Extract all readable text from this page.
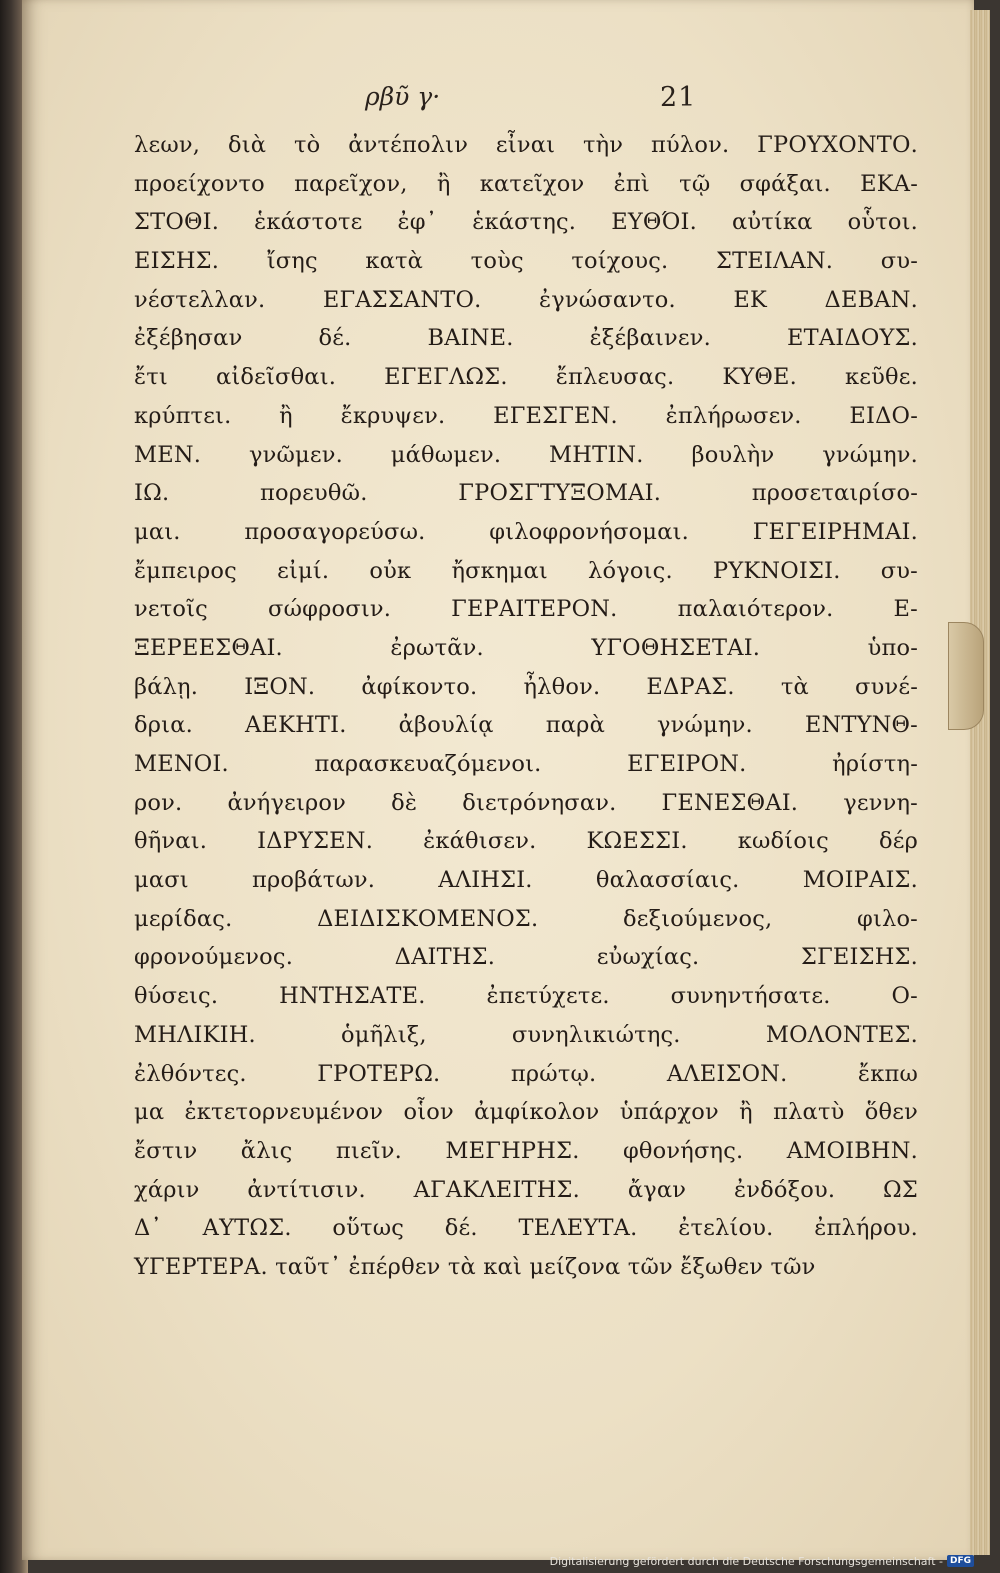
ρβῦ γ·	21
λεων, διὰ τὸ ἀντέπολιν εἶναι τὴν πύλον. ΓΡΟΥΧΟΝΤΟ.
προείχοντο παρεῖχον, ἢ κατεῖχον ἐπὶ τῷ σφάξαι. ΕΚΑ-
ΣΤΟΘΙ. ἑκάστοτε ἐφ᾿ ἑκάστης. ΕΥΘΌΙ. αὐτίκα οὗτοι.
ΕΙΣΗΣ. ἴσης κατὰ τοὺς τοίχους. ΣΤΕΙΛΑΝ. συ-
νέστελλαν. ΕΓΑΣΣΑΝΤΟ. ἐγνώσαντο. ΕΚ ΔΕΒΑΝ.
ἐξέβησαν δέ. ΒΑΙΝΕ. ἐξέβαινεν. ΕΤΑΙΔΟΥΣ.
ἔτι αἰδεῖσθαι. ΕΓΕΓΛΩΣ. ἔπλευσας. ΚΥΘΕ. κεῦθε.
κρύπτει. ἢ ἔκρυψεν. ΕΓΕΣΓΕΝ. ἐπλήρωσεν. ΕΙΔΟ-
ΜΕΝ. γνῶμεν. μάθωμεν. ΜΗΤΙΝ. βουλὴν γνώμην.
ΙΩ. πορευθῶ. ΓΡΟΣΓΤΥΞΟΜΑΙ. προσεταιρίσο-
μαι. προσαγορεύσω. φιλοφρονήσομαι. ΓΕΓΕΙΡΗΜΑΙ.
ἔμπειρος εἰμί. οὐκ ἤσκημαι λόγοις. ΡΥΚΝΟΙΣΙ. συ-
νετοῖς σώφροσιν. ΓΕΡΑΙΤΕΡΟΝ. παλαιότερον. Ε-
ΞΕΡΕΕΣΘΑΙ. ἐρωτᾶν. ΥΓΟΘΗΣΕΤΑΙ. ὑπο-
βάλῃ. ΙΞΟΝ. ἀφίκοντο. ἦλθον. ΕΔΡΑΣ. τὰ συνέ-
δρια. ΑΕΚΗΤΙ. ἀβουλίᾳ παρὰ γνώμην. ΕΝΤΥΝΘ-
ΜΕΝΟΙ. παρασκευαζόμενοι. ΕΓΕΙΡΟΝ. ἠρίστη-
ρον. ἀνήγειρον δὲ διετρόνησαν. ΓΕΝΕΣΘΑΙ. γεννη-
θῆναι. ΙΔΡΥΣΕΝ. ἐκάθισεν. ΚΩΕΣΣΙ. κωδίοις δέρ
μασι προβάτων. ΑΛΙΗΣΙ. θαλασσίαις. ΜΟΙΡΑΙΣ.
μερίδας. ΔΕΙΔΙΣΚΟΜΕΝΟΣ. δεξιούμενος, φιλο-
φρονούμενος. ΔΑΙΤΗΣ. εὐωχίας. ΣΓΕΙΣΗΣ.
θύσεις. ΗΝΤΗΣΑΤΕ. ἐπετύχετε. συνηντήσατε. Ο-
ΜΗΛΙΚΙΗ. ὁμῆλιξ, συνηλικιώτης. ΜΟΛΟΝΤΕΣ.
ἐλθόντες. ΓΡΟΤΕΡΩ. πρώτῳ. ΑΛΕΙΣΟΝ. ἔκπω
μα ἐκτετορνευμένον οἷον ἀμφίκολον ὑπάρχον ἢ πλατὺ ὅθεν
ἔστιν ἄλις πιεῖν. ΜΕΓΗΡΗΣ. φθονήσης. ΑΜΟΙΒΗΝ.
χάριν ἀντίτισιν. ΑΓΑΚΛΕΙΤΗΣ. ἄγαν ἐνδόξου. ΩΣ
Δ᾿ ΑΥΤΩΣ. οὕτως δέ. ΤΕΛΕΥΤΑ. ἐτελίου. ἐπλήρου.
ΥΓΕΡΤΕΡΑ. ταῦτ᾿ ἐπέρθεν τὰ καὶ μείζονα τῶν ἔξωθεν τῶν
Digitalisierung gefördert durch die Deutsche Forschungsgemeinschaft - DFG
